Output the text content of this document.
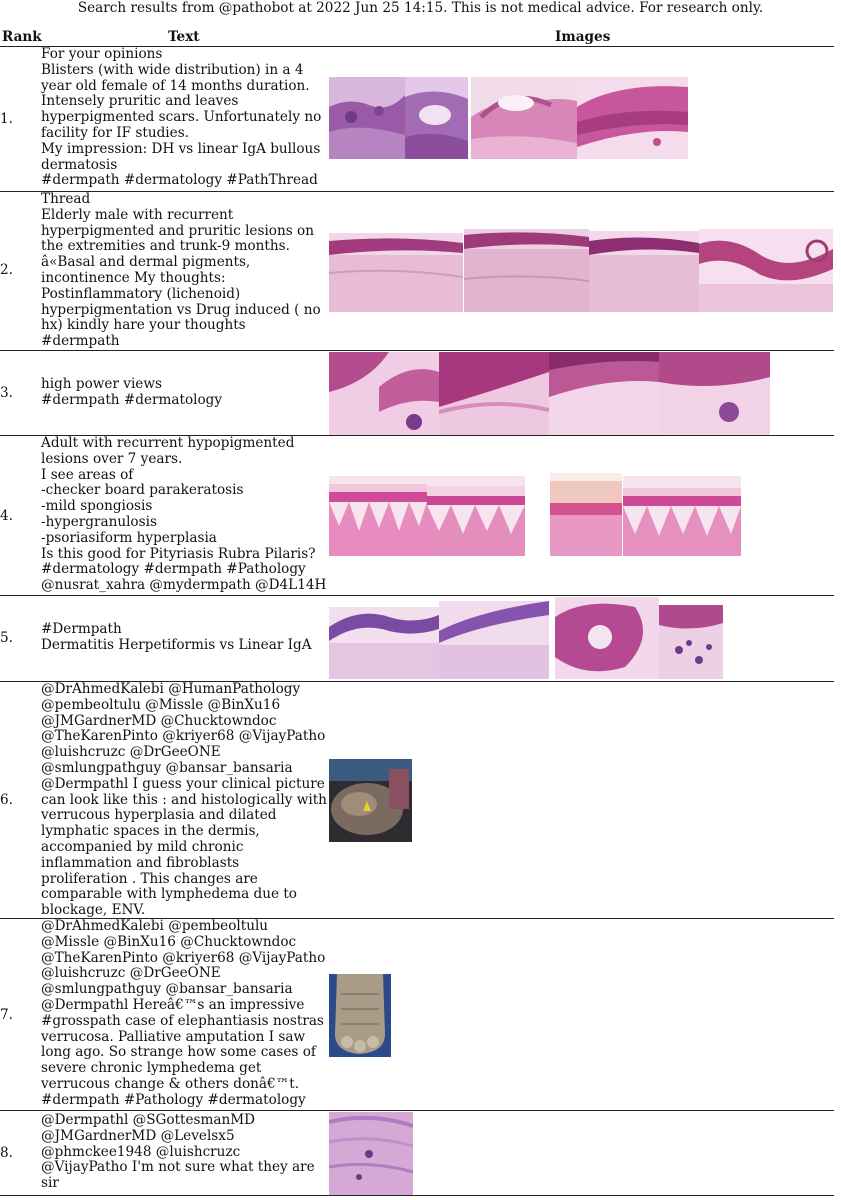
Search results from @pathobot at 2022 Jun 25 14:15. This is not medical advice. For research only.
Rank	Text	Images
1.
For your opinions
Blisters (with wide distribution) in a 4 year old female of 14 months duration. Intensely pruritic and leaves hyperpigmented scars. Unfortunately no facility for IF studies.
My impression: DH vs linear IgA bullous dermatosis
#dermpath #dermatology #PathThread
2.
Thread
Elderly male with recurrent hyperpigmented and pruritic lesions on the extremities and trunk-9 months.
â«Basal and dermal pigments, incontinence My thoughts: Postinflammatory (lichenoid) hyperpigmentation vs Drug induced ( no hx) kindly hare your thoughts
#dermpath
3.
high power views
#dermpath #dermatology
4.
Adult with recurrent hypopigmented lesions over 7 years.
I see areas of
-checker board parakeratosis
-mild spongiosis
-hypergranulosis
-psoriasiform hyperplasia
Is this good for Pityriasis Rubra Pilaris?
#dermatology #dermpath #Pathology @nusrat_xahra @mydermpath @D4L14H
5.
#Dermpath
Dermatitis Herpetiformis vs Linear IgA
6.
@DrAhmedKalebi @HumanPathology @pembeoltulu @Missle @BinXu16 @JMGardnerMD @Chucktowndoc @TheKarenPinto @kriyer68 @VijayPatho @luishcruzc @DrGeeONE @smlungpathguy @bansar_bansaria @Dermpathl I guess your clinical picture can look like this : and histologically with verrucous hyperplasia and dilated lymphatic spaces in the dermis, accompanied by mild chronic inflammation and fibroblasts proliferation . This changes are comparable with lymphedema due to blockage, ENV.
7.
@DrAhmedKalebi @pembeoltulu @Missle @BinXu16 @Chucktowndoc @TheKarenPinto @kriyer68 @VijayPatho @luishcruzc @DrGeeONE @smlungpathguy @bansar_bansaria @Dermpathl Hereâ€™s an impressive #grosspath case of elephantiasis nostras verrucosa. Palliative amputation I saw long ago. So strange how some cases of severe chronic lymphedema get verrucous change & others donâ€™t. #dermpath #Pathology #dermatology
8.
@Dermpathl @SGottesmanMD @JMGardnerMD @Levelsx5 @phmckee1948 @luishcruzc @VijayPatho I'm not sure what they are sir
